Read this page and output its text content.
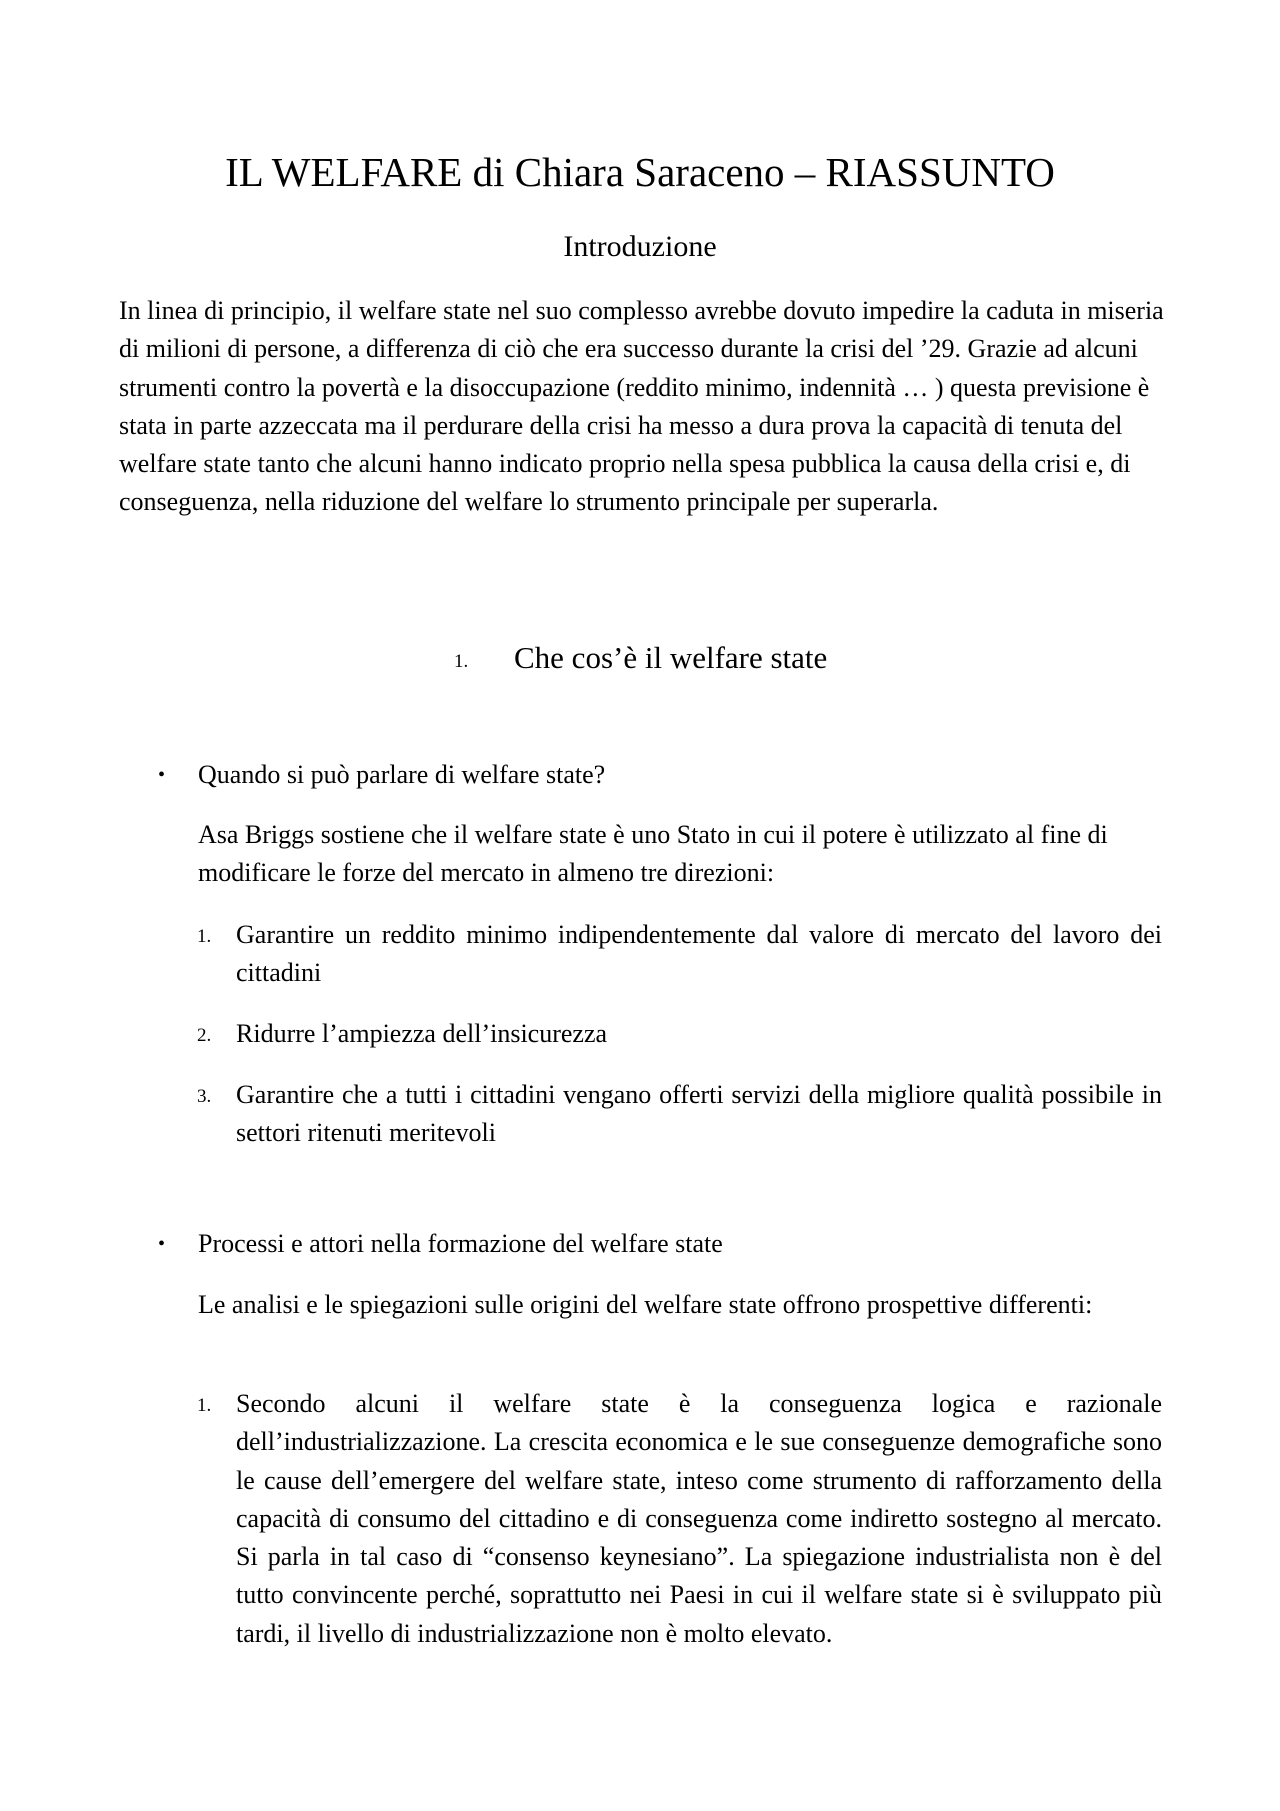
IL WELFARE di Chiara Saraceno – RIASSUNTO
Introduzione

In linea di principio, il welfare state nel suo complesso avrebbe dovuto impedire la caduta in miseria di milioni di persone, a differenza di ciò che era successo durante la crisi del ’29. Grazie ad alcuni strumenti contro la povertà e la disoccupazione (reddito minimo, indennità … ) questa previsione è stata in parte azzeccata ma il perdurare della crisi ha messo a dura prova la capacità di tenuta del welfare state tanto che alcuni hanno indicato proprio nella spesa pubblica la causa della crisi e, di conseguenza, nella riduzione del welfare lo strumento principale per superarla.

1. Che cos’è il welfare state
• Quando si può parlare di welfare state?

Asa Briggs sostiene che il welfare state è uno Stato in cui il potere è utilizzato al fine di modificare le forze del mercato in almeno tre direzioni:

1. Garantire un reddito minimo indipendentemente dal valore di mercato del lavoro dei cittadini
2. Ridurre l’ampiezza dell’insicurezza
3. Garantire che a tutti i cittadini vengano offerti servizi della migliore qualità possibile in settori ritenuti meritevoli
• Processi e attori nella formazione del welfare state

Le analisi e le spiegazioni sulle origini del welfare state offrono prospettive differenti:

1. Secondo alcuni il welfare state è la conseguenza logica e razionale dell’industrializzazione. La crescita economica e le sue conseguenze demografiche sono le cause dell’emergere del welfare state, inteso come strumento di rafforzamento della capacità di consumo del cittadino e di conseguenza come indiretto sostegno al mercato. Si parla in tal caso di “consenso keynesiano”. La spiegazione industrialista non è del tutto convincente perché, soprattutto nei Paesi in cui il welfare state si è sviluppato più tardi, il livello di industrializzazione non è molto elevato.
